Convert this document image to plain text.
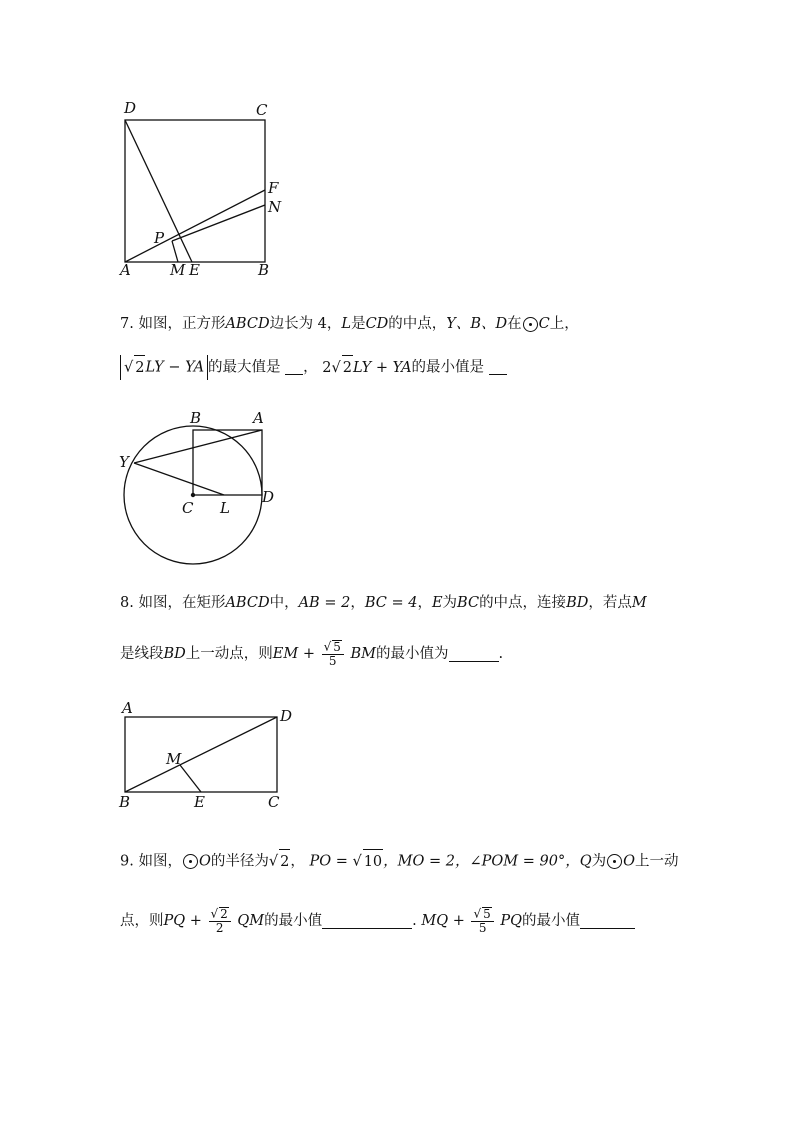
D	C
F
N
P
A	M E	B
7. 如图，正方形ABCD边长为 4，L是CD的中点，Y、B、D在 C上，
√ 2LY − YA 的最大值是 ， 2√ 2LY + YA的最小值是
B	A
Y
D
C L
8. 如图，在矩形ABCD中，AB = 2，BC = 4，E为BC的中点，连接BD，若点M
是线段BD上一动点，则EM + $\frac{√ 5}{5}$ BM的最小值为	.
A	D
M
B	E	C
9. 如图， O的半径为√ 2， PO = √ 10，MO = 2，∠POM = 90°，Q为 O上一动
点，则PQ + $\frac{√ 2}{2}$ QM的最小值	. MQ + $\frac{√ 5}{5}$ PQ的最小值
